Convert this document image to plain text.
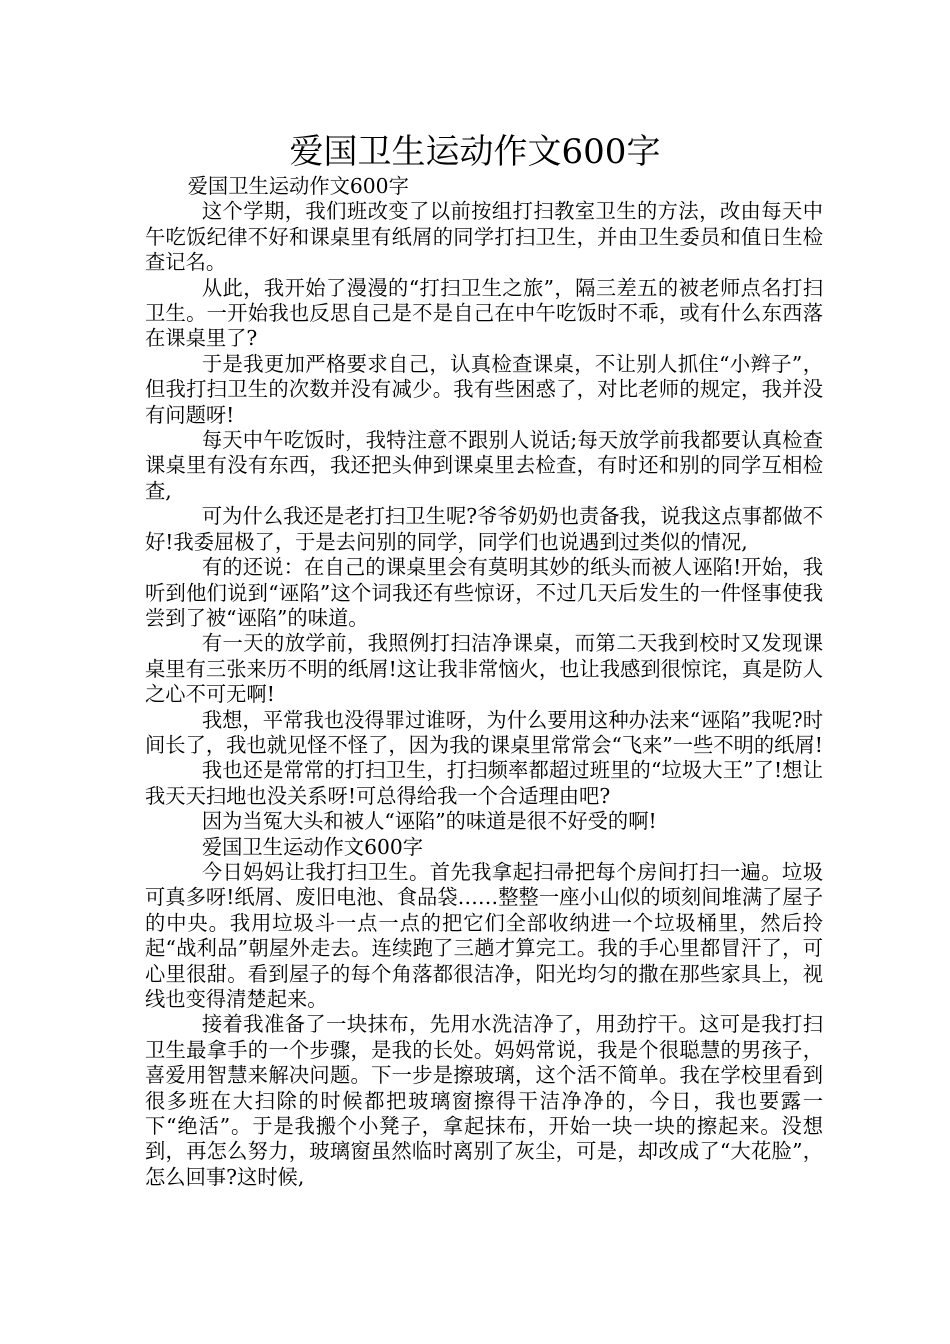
爱国卫生运动作文600字

爱国卫生运动作文600字

这个学期，我们班改变了以前按组打扫教室卫生的方法，改由每天中午吃饭纪律不好和课桌里有纸屑的同学打扫卫生，并由卫生委员和值日生检查记名。

从此，我开始了漫漫的“打扫卫生之旅”，隔三差五的被老师点名打扫卫生。一开始我也反思自己是不是自己在中午吃饭时不乖，或有什么东西落在课桌里了?

于是我更加严格要求自己，认真检查课桌，不让别人抓住“小辫子”，但我打扫卫生的次数并没有减少。我有些困惑了，对比老师的规定，我并没有问题呀!

每天中午吃饭时，我特注意不跟别人说话;每天放学前我都要认真检查课桌里有没有东西，我还把头伸到课桌里去检查，有时还和别的同学互相检查,

可为什么我还是老打扫卫生呢?爷爷奶奶也责备我，说我这点事都做不好!我委屈极了，于是去问别的同学，同学们也说遇到过类似的情况,

有的还说：在自己的课桌里会有莫明其妙的纸头而被人诬陷!开始，我听到他们说到“诬陷”这个词我还有些惊讶，不过几天后发生的一件怪事使我尝到了被“诬陷”的味道。

有一天的放学前，我照例打扫洁净课桌，而第二天我到校时又发现课桌里有三张来历不明的纸屑!这让我非常恼火，也让我感到很惊诧，真是防人之心不可无啊!

我想，平常我也没得罪过谁呀，为什么要用这种办法来“诬陷”我呢?时间长了，我也就见怪不怪了，因为我的课桌里常常会“飞来”一些不明的纸屑!

我也还是常常的打扫卫生，打扫频率都超过班里的“垃圾大王”了!想让我天天扫地也没关系呀!可总得给我一个合适理由吧?

因为当冤大头和被人“诬陷”的味道是很不好受的啊!

爱国卫生运动作文600字

今日妈妈让我打扫卫生。首先我拿起扫帚把每个房间打扫一遍。垃圾可真多呀!纸屑、废旧电池、食品袋……整整一座小山似的顷刻间堆满了屋子的中央。我用垃圾斗一点一点的把它们全部收纳进一个垃圾桶里，然后拎起“战利品”朝屋外走去。连续跑了三趟才算完工。我的手心里都冒汗了，可心里很甜。看到屋子的每个角落都很洁净，阳光均匀的撒在那些家具上，视线也变得清楚起来。

接着我准备了一块抹布，先用水洗洁净了，用劲拧干。这可是我打扫卫生最拿手的一个步骤，是我的长处。妈妈常说，我是个很聪慧的男孩子，喜爱用智慧来解决问题。下一步是擦玻璃，这个活不简单。我在学校里看到很多班在大扫除的时候都把玻璃窗擦得干洁净净的，今日，我也要露一下“绝活”。于是我搬个小凳子，拿起抹布，开始一块一块的擦起来。没想到，再怎么努力，玻璃窗虽然临时离别了灰尘，可是，却改成了“大花脸”，怎么回事?这时候,
